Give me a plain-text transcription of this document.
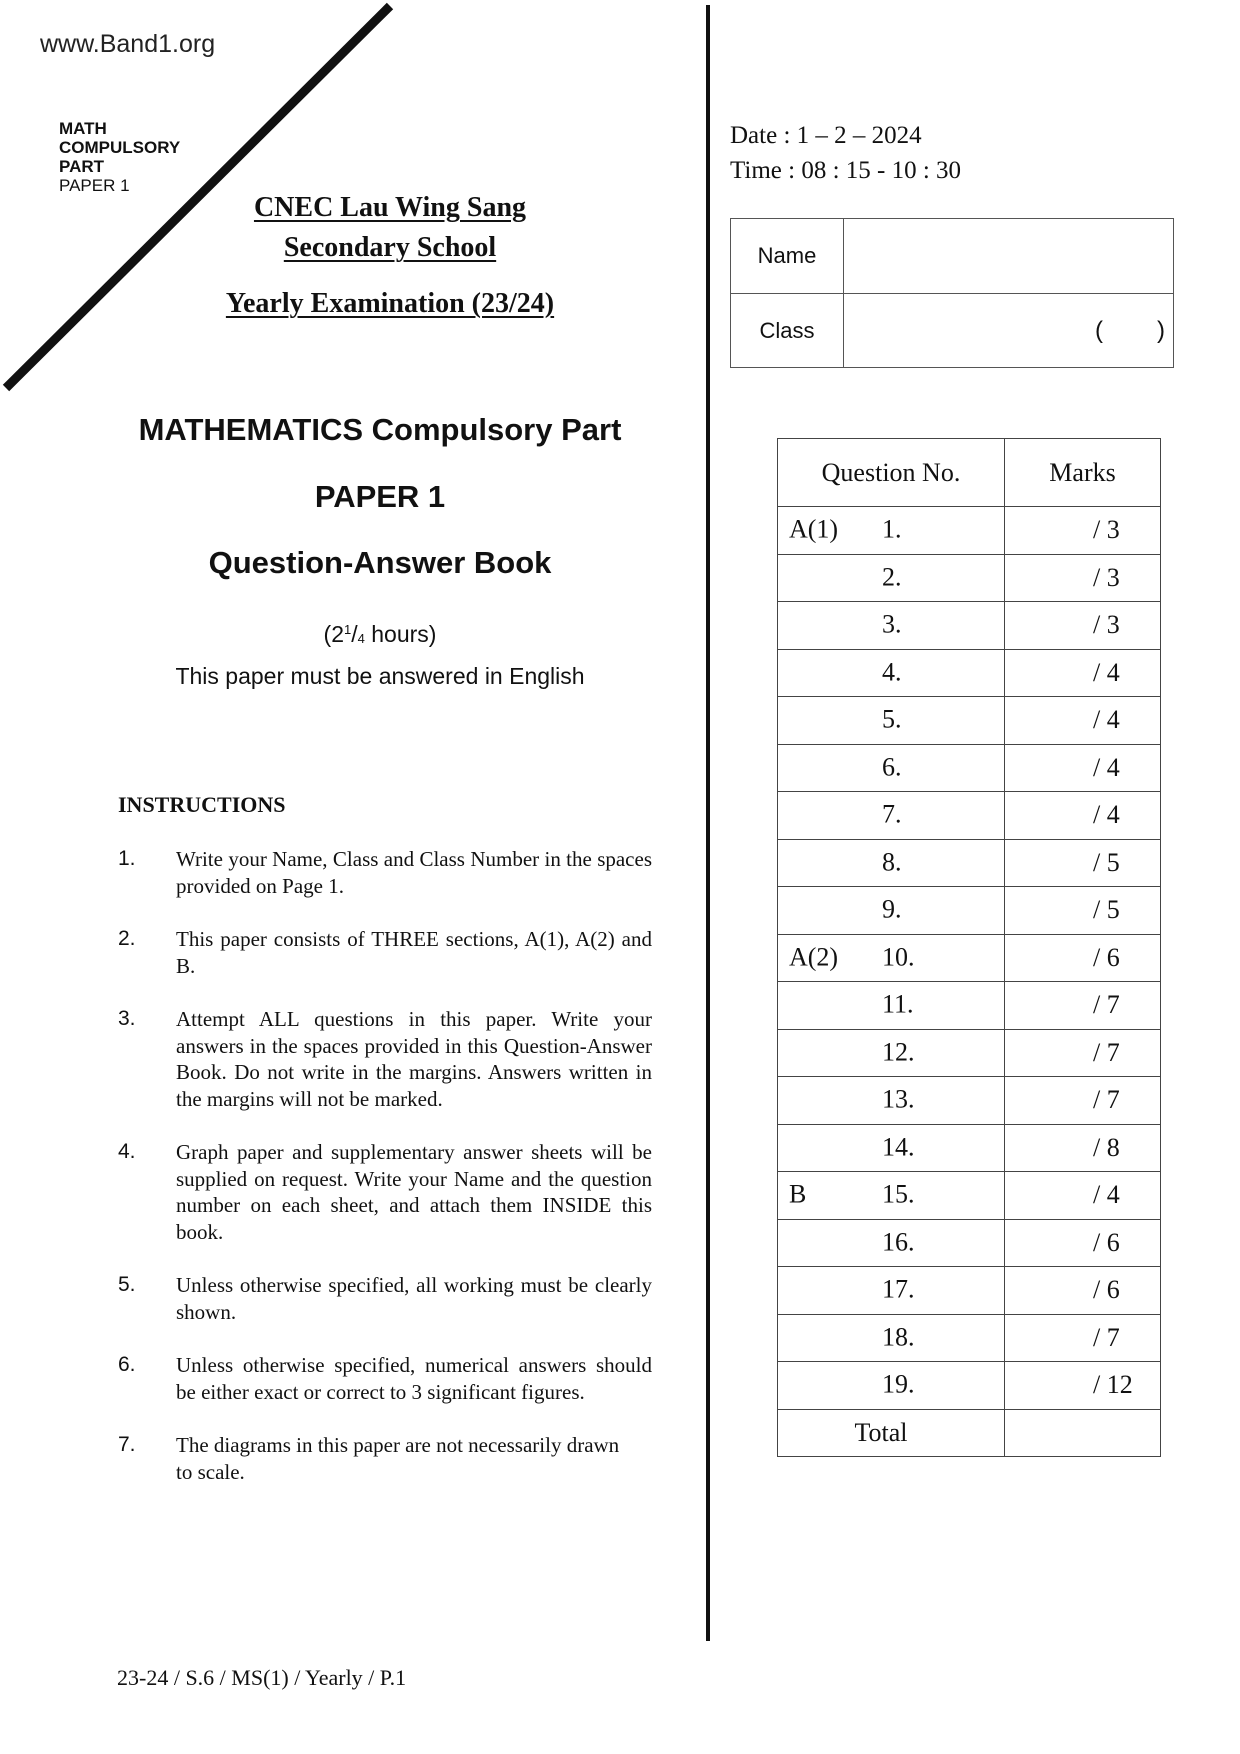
www.Band1.org
MATH
COMPULSORY
PART
PAPER 1
CNEC Lau Wing Sang
Secondary School
Yearly Examination (23/24)
Date : 1 – 2 – 2024
Time : 08 : 15 - 10 : 30
Name
Class	( )
MATHEMATICS Compulsory Part
PAPER 1
Question-Answer Book
($2^1/_4$ hours)
This paper must be answered in English
INSTRUCTIONS
1.	Write your Name, Class and Class Number in the spaces provided on Page 1.
2.	This paper consists of THREE sections, A(1), A(2) and B.
3.	Attempt ALL questions in this paper. Write your answers in the spaces provided in this Question-Answer Book. Do not write in the margins. Answers written in the margins will not be marked.
4.	Graph paper and supplementary answer sheets will be supplied on request. Write your Name and the question number on each sheet, and attach them INSIDE this book.
5.	Unless otherwise specified, all working must be clearly shown.
6.	Unless otherwise specified, numerical answers should be either exact or correct to 3 significant figures.
7.	The diagrams in this paper are not necessarily drawn to scale.
23-24 / S.6 / MS(1) / Yearly / P.1
Question No.	Marks

A(1) 1.	/ 3

2.	/ 3

3.	/ 3

4.	/ 4

5.	/ 4

6.	/ 4

7.	/ 4

8.	/ 5

9.	/ 5

A(2) 10.	/ 6

11.	/ 7

12.	/ 7

13.	/ 7

14.	/ 8

B 15.	/ 4

16.	/ 6

17.	/ 6

18.	/ 7

19.	/ 12
Total	
